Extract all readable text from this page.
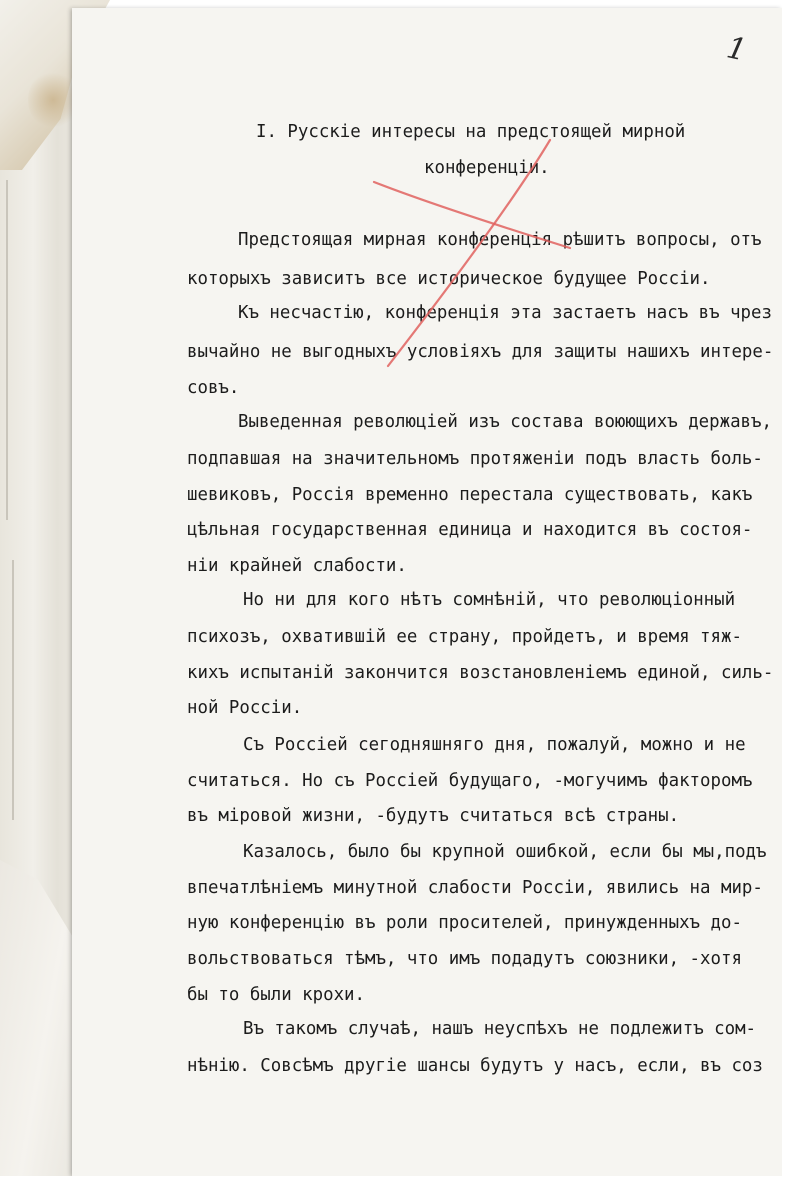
1
I. Русскiе интересы на предстоящей мирной
конференцiи.
Предстоящая мирная конференцiя рѣшитъ вопросы, отъ
которыхъ зависитъ все историческое будущее Россiи.
Къ несчастiю, конференцiя эта застаетъ насъ въ чрез
вычайно не выгодныхъ условiяхъ для защиты нашихъ интере-
совъ.
Выведенная революцiей изъ состава воюющихъ державъ,
подпавшая на значительномъ протяженiи подъ власть боль-
шевиковъ, Россiя временно перестала существовать, какъ
цѣльная государственная единица и находится въ состоя-
нiи крайней слабости.
Но ни для кого нѣтъ сомнѣнiй, что революцiонный
психозъ, охватившiй ее страну, пройдетъ, и время тяж-
кихъ испытанiй закончится возстановленiемъ единой, силь-
ной Россiи.
Съ Россiей сегодняшняго дня, пожалуй, можно и не
считаться. Но съ Россiей будущаго, -могучимъ факторомъ
въ мiровой жизни, -будутъ считаться всѣ страны.
Казалось, было бы крупной ошибкой, если бы мы,подъ
впечатлѣнiемъ минутной слабости Россiи, явились на мир-
ную конференцiю въ роли просителей, принужденныхъ до-
вольствоваться тѣмъ, что имъ подадутъ союзники, -хотя
бы то были крохи.
Въ такомъ случаѣ, нашъ неуспѣхъ не подлежитъ сом-
нѣнiю. Совсѣмъ другiе шансы будутъ у насъ, если, въ соз
